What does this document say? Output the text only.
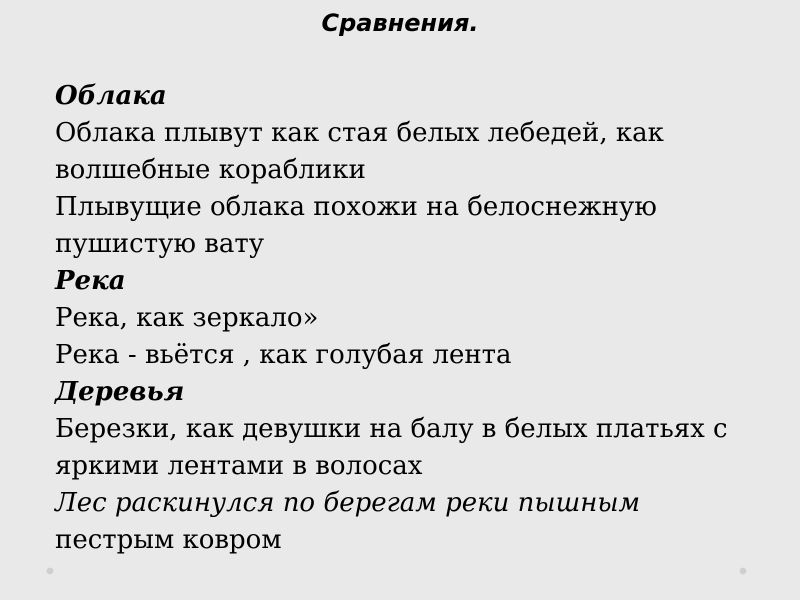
Сравнения.
Облака
Облака плывут как стая белых лебедей, как
волшебные кораблики
Плывущие облака похожи на белоснежную
пушистую вату
Река
Река, как зеркало»
Река - вьётся , как голубая лента
Деревья
Березки, как девушки на балу в белых платьях с
яркими лентами в волосах
Лес раскинулся по берегам реки пышным
пестрым ковром
